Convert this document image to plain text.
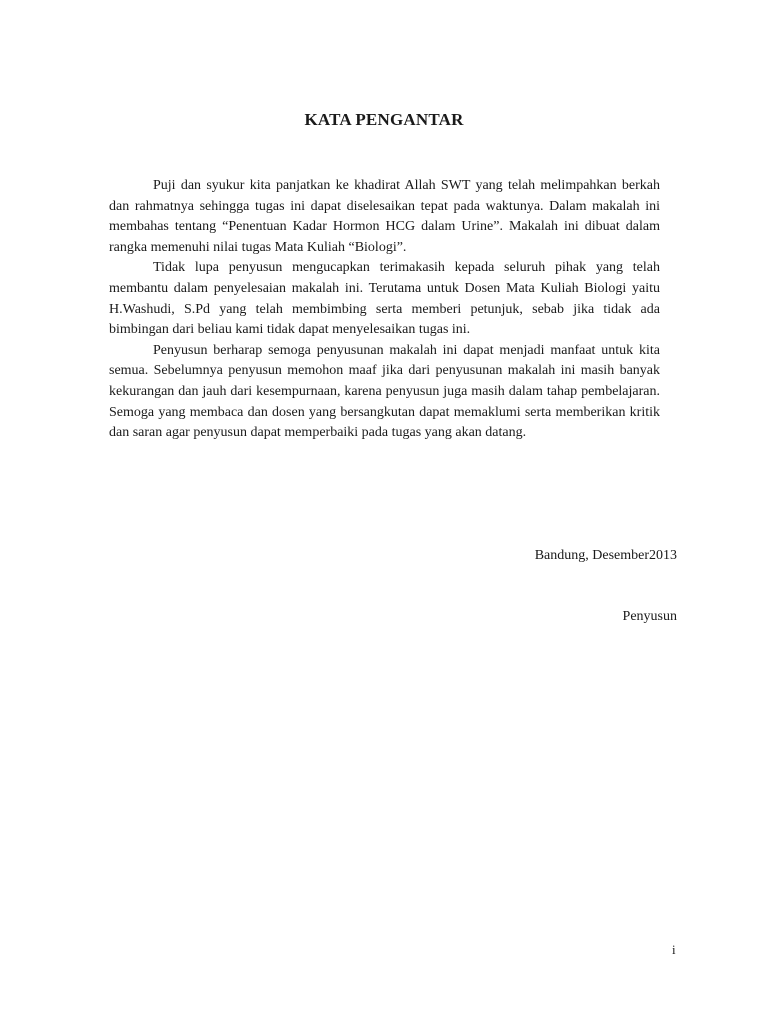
KATA PENGANTAR

Puji dan syukur kita panjatkan ke khadirat Allah SWT yang telah melimpahkan berkah dan rahmatnya sehingga tugas ini dapat diselesaikan tepat pada waktunya. Dalam makalah ini membahas tentang “Penentuan Kadar Hormon HCG dalam Urine”. Makalah ini dibuat dalam rangka memenuhi nilai tugas Mata Kuliah “Biologi”.

Tidak lupa penyusun mengucapkan terimakasih kepada seluruh pihak yang telah membantu dalam penyelesaian makalah ini. Terutama untuk Dosen Mata Kuliah Biologi yaitu H.Washudi, S.Pd yang telah membimbing serta memberi petunjuk, sebab jika tidak ada bimbingan dari beliau kami tidak dapat menyelesaikan tugas ini.

Penyusun berharap semoga penyusunan makalah ini dapat menjadi manfaat untuk kita semua. Sebelumnya penyusun memohon maaf jika dari penyusunan makalah ini masih banyak kekurangan dan jauh dari kesempurnaan, karena penyusun juga masih dalam tahap pembelajaran. Semoga yang membaca dan dosen yang bersangkutan dapat memaklumi serta memberikan kritik dan saran agar penyusun dapat memperbaiki pada tugas yang akan datang.

Bandung, Desember2013
Penyusun
i
